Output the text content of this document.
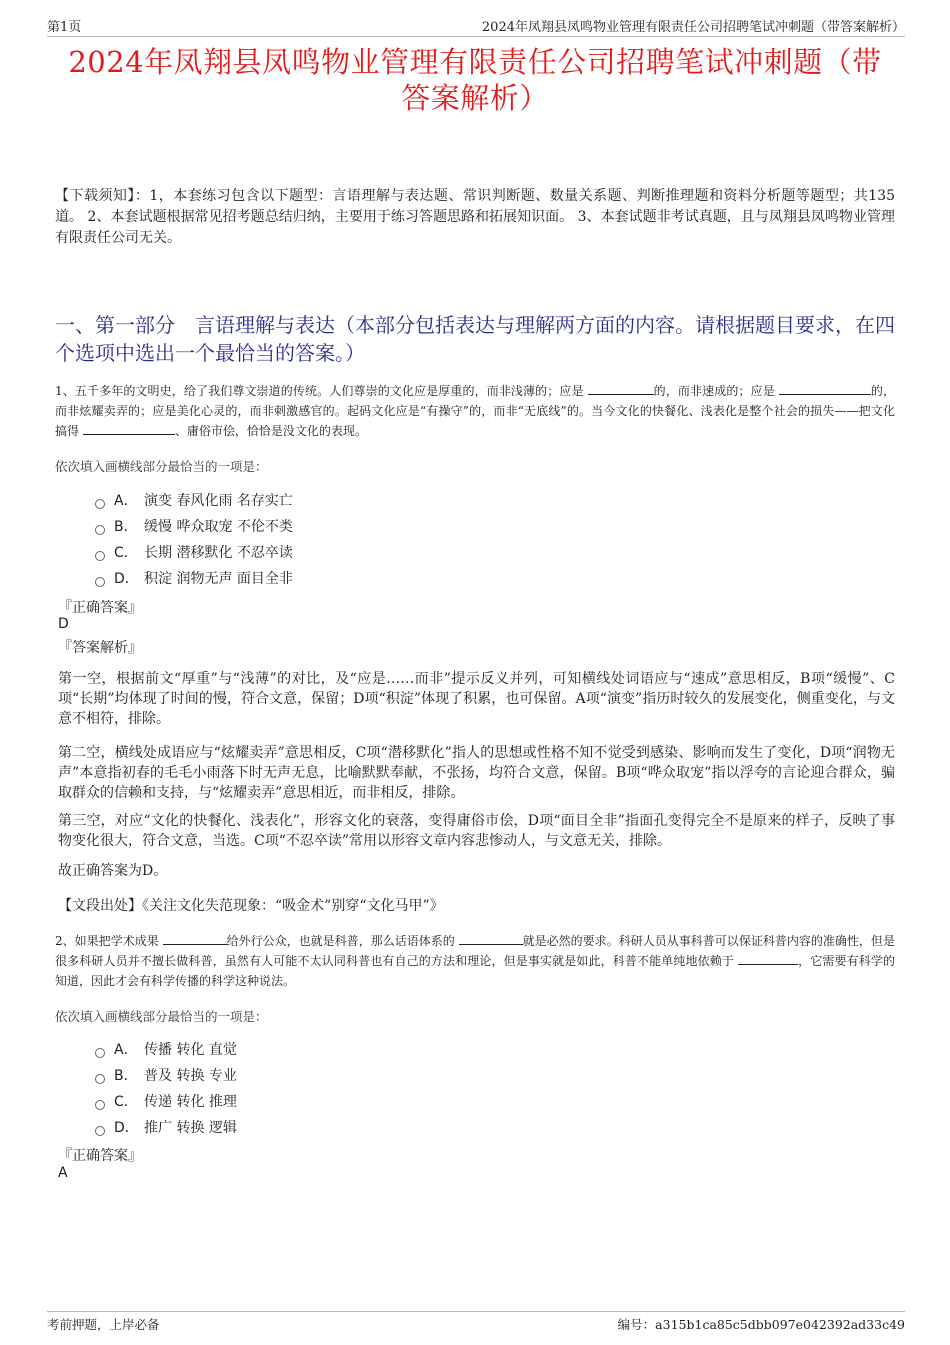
第1页	2024年凤翔县凤鸣物业管理有限责任公司招聘笔试冲刺题（带答案解析）
2024年凤翔县凤鸣物业管理有限责任公司招聘笔试冲刺题（带答案解析）
【下载须知】：1，本套练习包含以下题型：言语理解与表达题、常识判断题、数量关系题、判断推理题和资料分析题等题型；共135道。 2、本套试题根据常见招考题总结归纳，主要用于练习答题思路和拓展知识面。 3、本套试题非考试真题，且与凤翔县凤鸣物业管理有限责任公司无关。
一、第一部分　言语理解与表达（本部分包括表达与理解两方面的内容。请根据题目要求，在四个选项中选出一个最恰当的答案。）
1、五千多年的文明史，给了我们尊文崇道的传统。人们尊崇的文化应是厚重的，而非浅薄的；应是	的，而非速成的；应是	的，而非炫耀卖弄的；应是美化心灵的，而非刺激感官的。起码文化应是“有操守”的，而非“无底线”的。当今文化的快餐化、浅表化是整个社会的损失——把文化搞得	、庸俗市侩，恰恰是没文化的表现。
依次填入画横线部分最恰当的一项是：
A． 演变 春风化雨 名存实亡
B． 缓慢 哗众取宠 不伦不类
C． 长期 潜移默化 不忍卒读
D． 积淀 润物无声 面目全非
『正确答案』
D
『答案解析』
第一空，根据前文“厚重”与“浅薄”的对比，及“应是……而非”提示反义并列，可知横线处词语应与“速成”意思相反，B项“缓慢”、C项“长期”均体现了时间的慢，符合文意，保留；D项“积淀”体现了积累，也可保留。A项“演变”指历时较久的发展变化，侧重变化，与文意不相符，排除。
第二空，横线处成语应与“炫耀卖弄”意思相反，C项“潜移默化”指人的思想或性格不知不觉受到感染、影响而发生了变化，D项“润物无声”本意指初春的毛毛小雨落下时无声无息，比喻默默奉献，不张扬，均符合文意，保留。B项“哗众取宠”指以浮夸的言论迎合群众，骗取群众的信赖和支持，与“炫耀卖弄”意思相近，而非相反，排除。
第三空，对应“文化的快餐化、浅表化”，形容文化的衰落，变得庸俗市侩，D项“面目全非”指面孔变得完全不是原来的样子，反映了事物变化很大，符合文意，当选。C项“不忍卒读”常用以形容文章内容悲惨动人，与文意无关，排除。
故正确答案为D。
【文段出处】《关注文化失范现象：“吸金术”别穿“文化马甲”》
2、如果把学术成果	给外行公众，也就是科普，那么话语体系的	就是必然的要求。科研人员从事科普可以保证科普内容的准确性，但是很多科研人员并不擅长做科普，虽然有人可能不太认同科普也有自己的方法和理论，但是事实就是如此，科普不能单纯地依赖于	，它需要有科学的知道，因此才会有科学传播的科学这种说法。
依次填入画横线部分最恰当的一项是：
A． 传播 转化 直觉
B． 普及 转换 专业
C． 传递 转化 推理
D． 推广 转换 逻辑
『正确答案』
A
考前押题，上岸必备	编号：a315b1ca85c5dbb097e042392ad33c49
